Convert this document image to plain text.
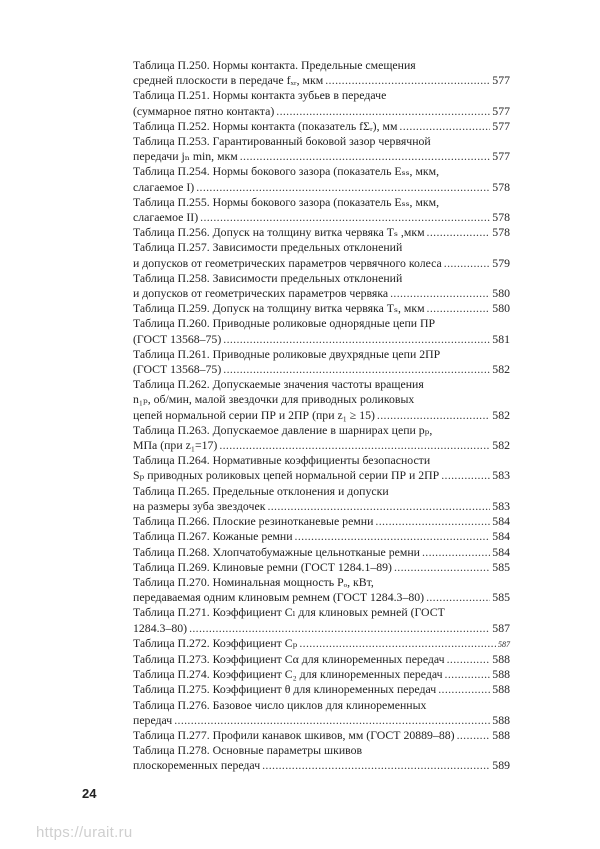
Таблица П.250. Нормы контакта. Предельные смещения
средней плоскости в передаче fₓᵣ, мкм . . .	577
Таблица П.251. Нормы контакта зубьев в передаче
(суммарное пятно контакта) . . .	577
Таблица П.252. Нормы контакта (показатель fΣᵣ), мм . . .	577
Таблица П.253. Гарантированный боковой зазор червячной
передачи jₙ min, мкм . . .	577
Таблица П.254. Нормы бокового зазора (показатель Eₛₛ, мкм,
слагаемое I) . . .	578
Таблица П.255. Нормы бокового зазора (показатель Eₛₛ, мкм,
слагаемое II) . . .	578
Таблица П.256. Допуск на толщину витка червяка Tₛ ,мкм . . .	578
Таблица П.257. Зависимости предельных отклонений
и допусков от геометрических параметров червячного колеса . . .	579
Таблица П.258. Зависимости предельных отклонений
и допусков от геометрических параметров червяка . . .	580
Таблица П.259. Допуск на толщину витка червяка Tₛ, мкм . . .	580
Таблица П.260. Приводные роликовые однорядные цепи ПР
(ГОСТ 13568–75) . . .	581
Таблица П.261. Приводные роликовые двухрядные цепи 2ПР
(ГОСТ 13568–75) . . .	582
Таблица П.262. Допускаемые значения частоты вращения
n₁ₚ, об/мин, малой звездочки для приводных роликовых
цепей нормальной серии ПР и 2ПР (при z₁ ≥ 15) . . .	582
Таблица П.263. Допускаемое давление в шарнирах цепи pₚ,
МПа (при z₁=17) . . .	582
Таблица П.264. Нормативные коэффициенты безопасности
Sₚ приводных роликовых цепей нормальной серии ПР и 2ПР . . .	583
Таблица П.265. Предельные отклонения и допуски
на размеры зуба звездочек . . .	583
Таблица П.266. Плоские резинотканевые ремни . . .	584
Таблица П.267. Кожаные ремни . . .	584
Таблица П.268. Хлопчатобумажные цельнотканые ремни . . .	584
Таблица П.269. Клиновые ремни (ГОСТ 1284.1–89) . . .	585
Таблица П.270. Номинальная мощность Pₒ, кВт,
передаваемая одним клиновым ремнем (ГОСТ 1284.3–80) . . .	585
Таблица П.271. Коэффициент Cₗ для клиновых ремней (ГОСТ
1284.3–80) . . .	587
Таблица П.272. Коэффициент Cₚ . . .	587
Таблица П.273. Коэффициент Cα для клиноременных передач . . .	588
Таблица П.274. Коэффициент C₂ для клиноременных передач . . .	588
Таблица П.275. Коэффициент θ для клиноременных передач . . .	588
Таблица П.276. Базовое число циклов для клиноременных
передач . . .	588
Таблица П.277. Профили канавок шкивов, мм (ГОСТ 20889–88) . . .	588
Таблица П.278. Основные параметры шкивов
плоскоременных передач . . .	589
24
https://urait.ru
